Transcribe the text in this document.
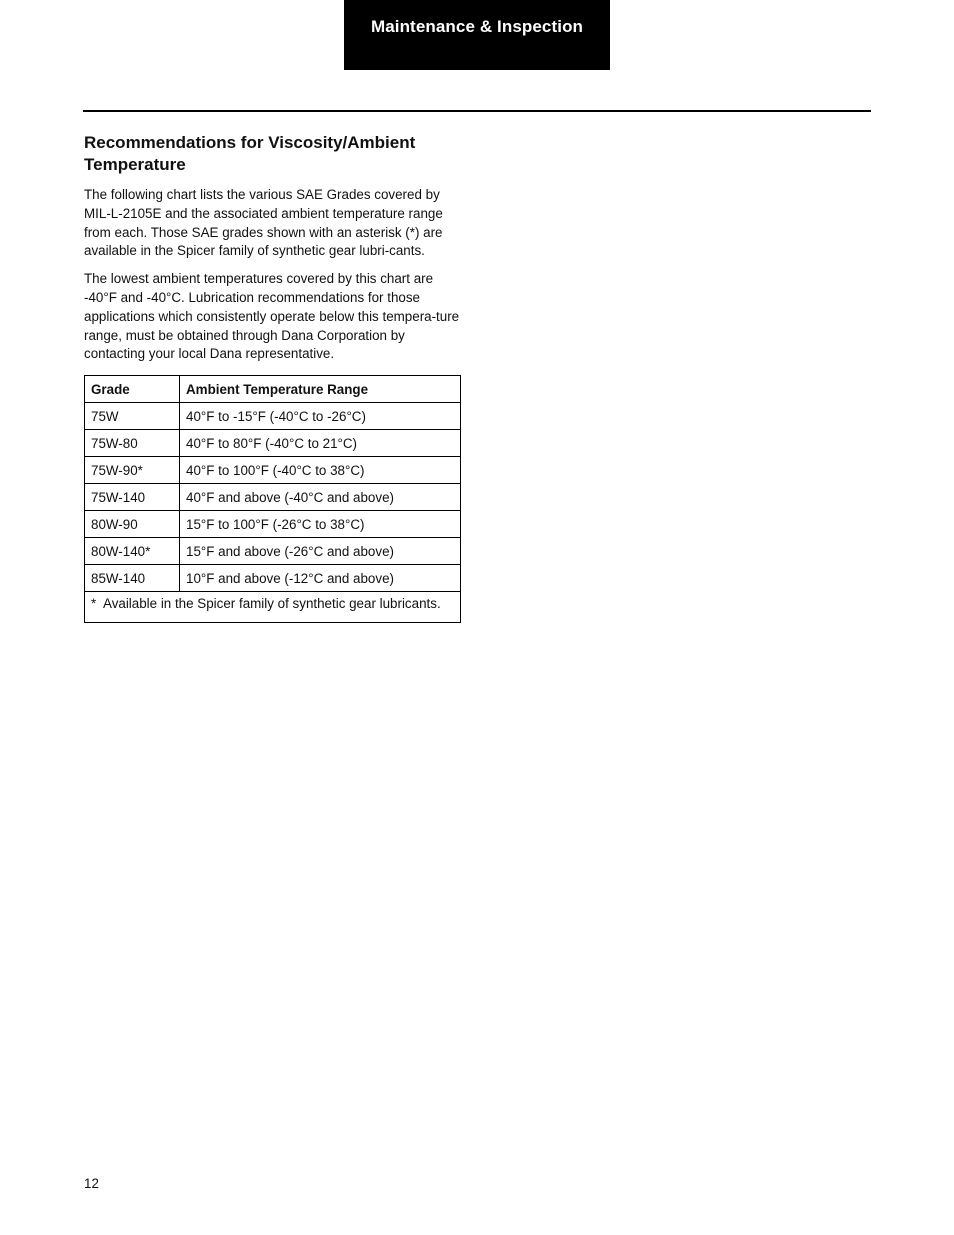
Maintenance & Inspection
Recommendations for Viscosity/Ambient
Temperature

The following chart lists the various SAE Grades covered by MIL-L-2105E and the associated ambient temperature range from each. Those SAE grades shown with an asterisk (*) are available in the Spicer family of synthetic gear lubri-cants.

The lowest ambient temperatures covered by this chart are -40°F and -40°C. Lubrication recommendations for those applications which consistently operate below this tempera-ture range, must be obtained through Dana Corporation by contacting your local Dana representative.

Grade	Ambient Temperature Range
75W	40°F to -15°F (-40°C to -26°C)
75W-80	40°F to 80°F (-40°C to 21°C)
75W-90*	40°F to 100°F (-40°C to 38°C)
75W-140	40°F and above (-40°C and above)
80W-90	15°F to 100°F (-26°C to 38°C)
80W-140*	15°F and above (-26°C and above)
85W-140	10°F and above (-12°C and above)

* Available in the Spicer family of synthetic gear lubricants.	
12
